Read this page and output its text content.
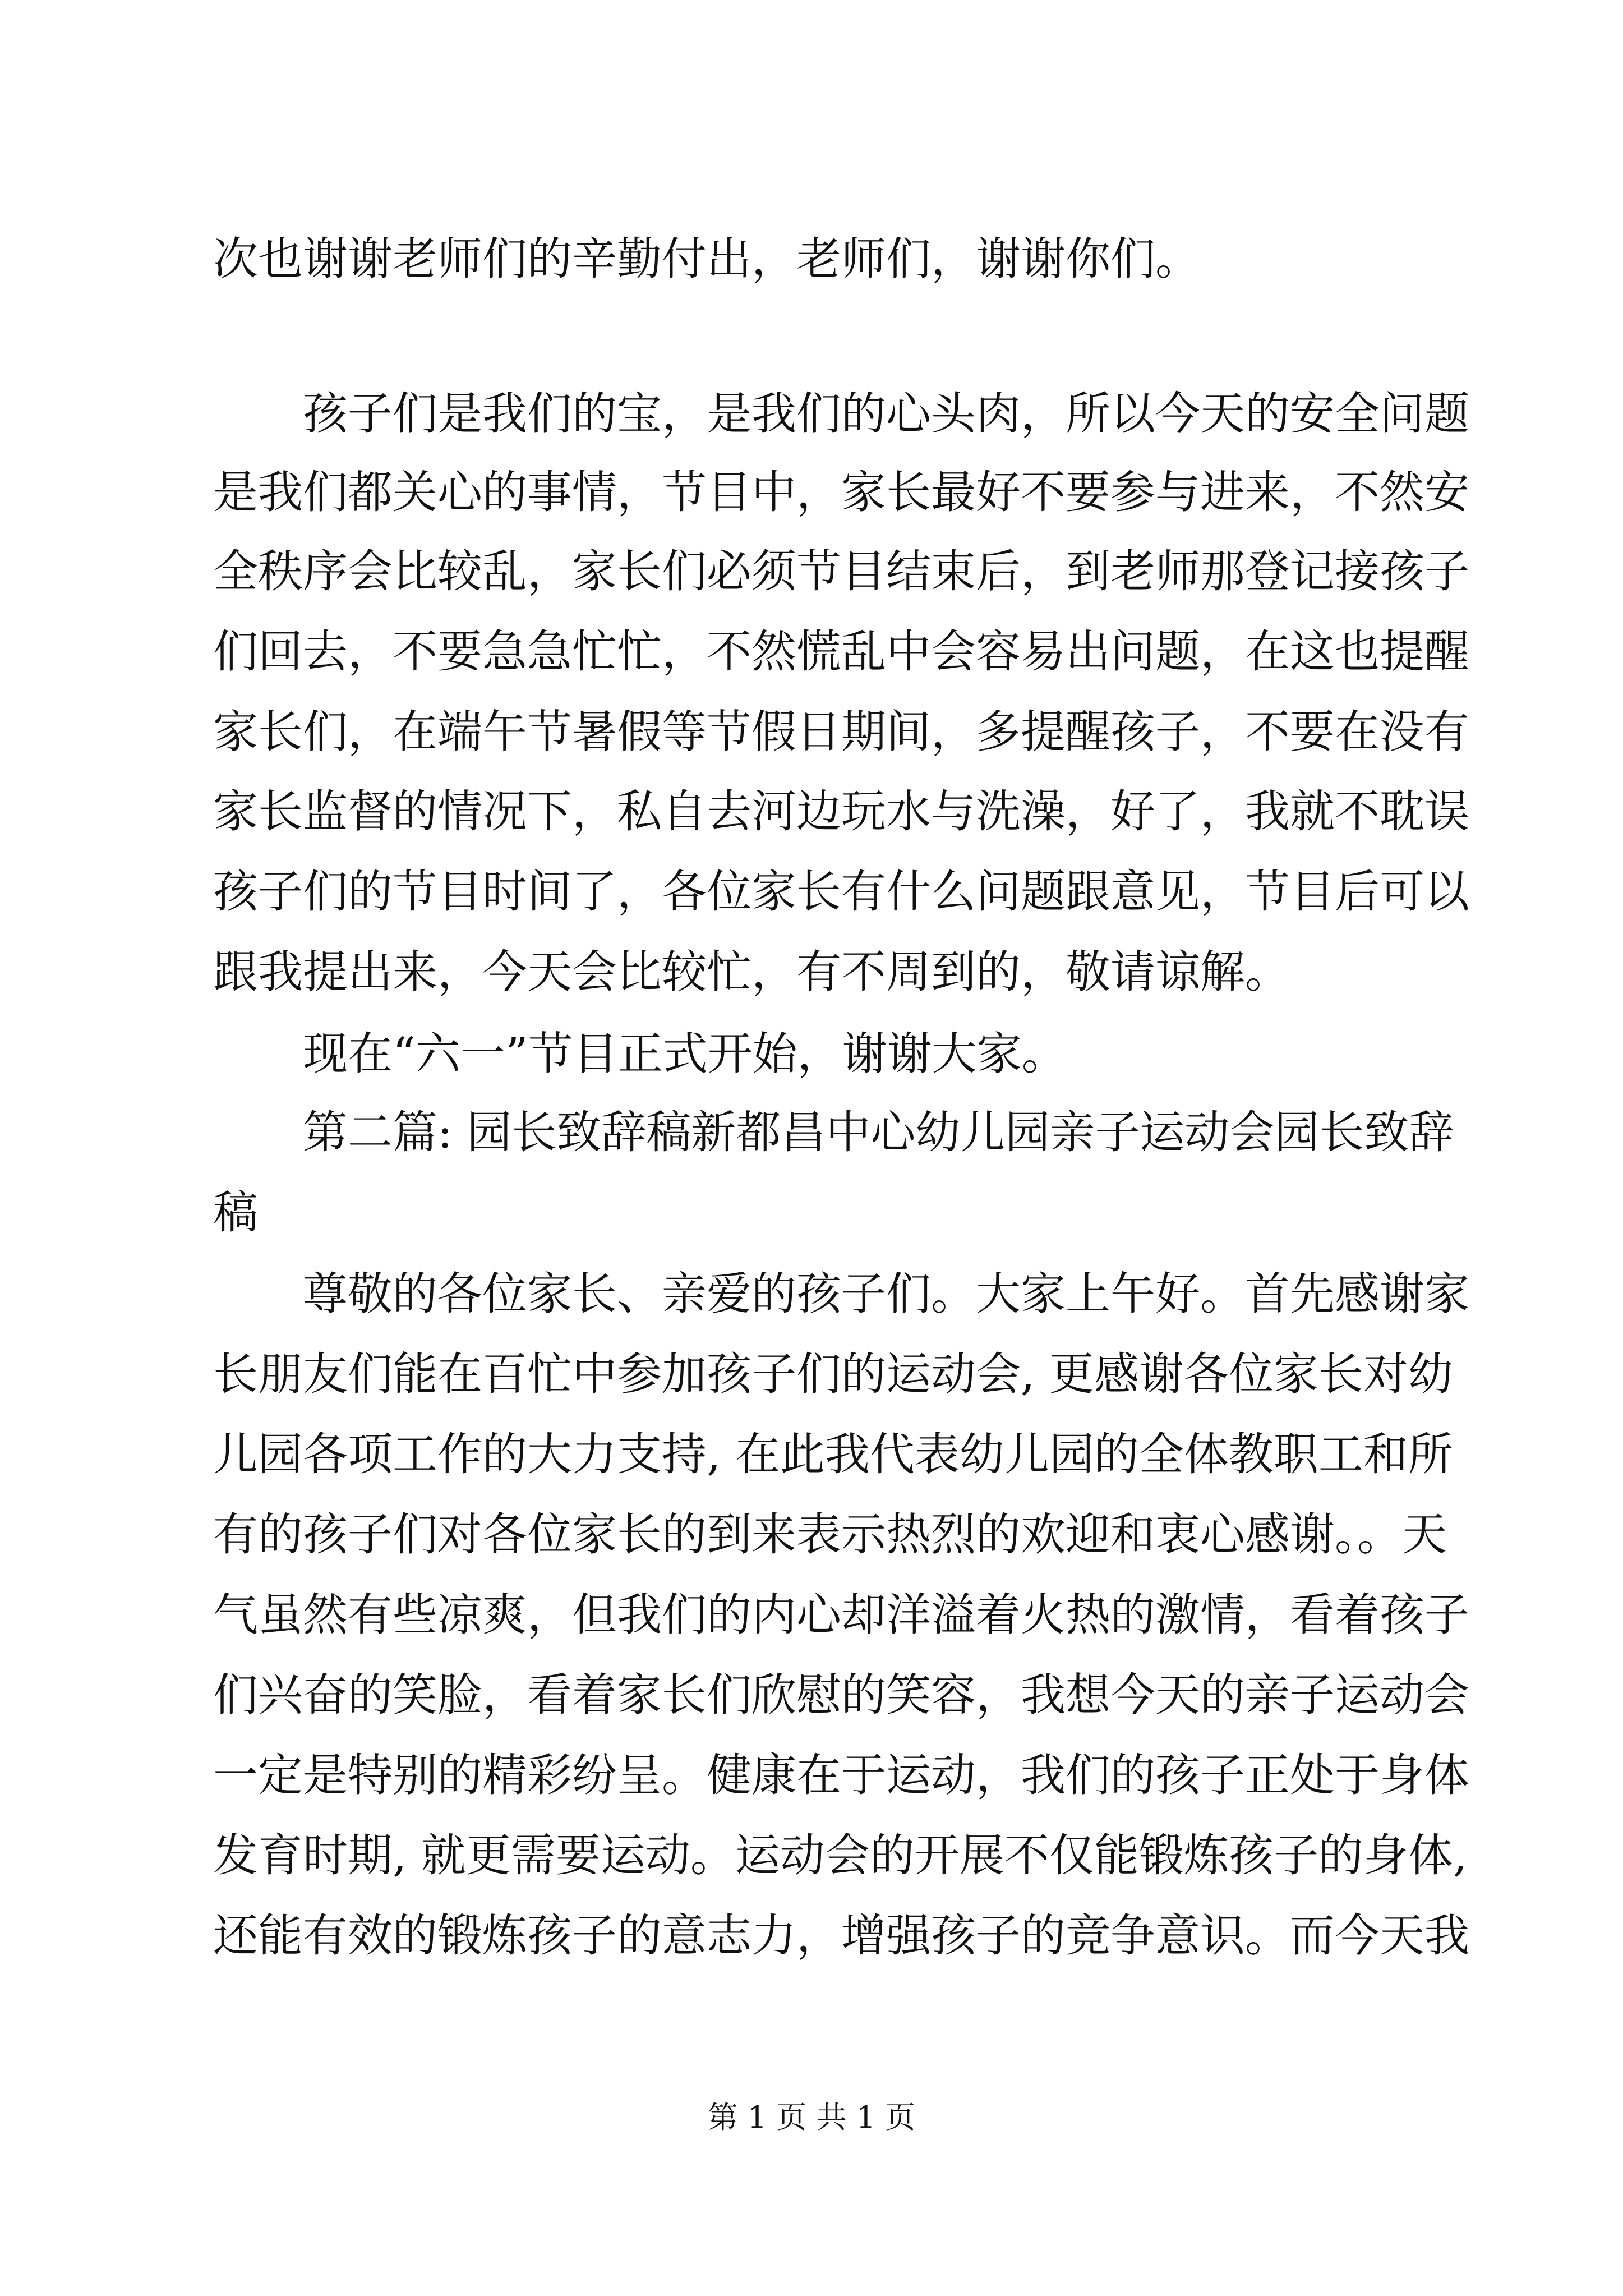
次也谢谢老师们的辛勤付出，老师们，谢谢你们。
孩子们是我们的宝，是我们的心头肉，所以今天的安全问题
是我们都关心的事情，节目中，家长最好不要参与进来，不然安
全秩序会比较乱，家长们必须节目结束后，到老师那登记接孩子
们回去，不要急急忙忙，不然慌乱中会容易出问题，在这也提醒
家长们，在端午节暑假等节假日期间，多提醒孩子，不要在没有
家长监督的情况下，私自去河边玩水与洗澡，好了，我就不耽误
孩子们的节目时间了，各位家长有什么问题跟意见，节目后可以
跟我提出来，今天会比较忙，有不周到的，敬请谅解。
现在“六一”节目正式开始，谢谢大家。
第二篇: 园长致辞稿新都昌中心幼儿园亲子运动会园长致辞
稿
尊敬的各位家长、亲爱的孩子们。大家上午好。首先感谢家
长朋友们能在百忙中参加孩子们的运动会, 更感谢各位家长对幼
儿园各项工作的大力支持, 在此我代表幼儿园的全体教职工和所
有的孩子们对各位家长的到来表示热烈的欢迎和衷心感谢。。天
气虽然有些凉爽，但我们的内心却洋溢着火热的激情，看着孩子
们兴奋的笑脸，看着家长们欣慰的笑容，我想今天的亲子运动会
一定是特别的精彩纷呈。健康在于运动，我们的孩子正处于身体
发育时期, 就更需要运动。运动会的开展不仅能锻炼孩子的身体,
还能有效的锻炼孩子的意志力，增强孩子的竞争意识。而今天我
第 1 页 共 1 页
